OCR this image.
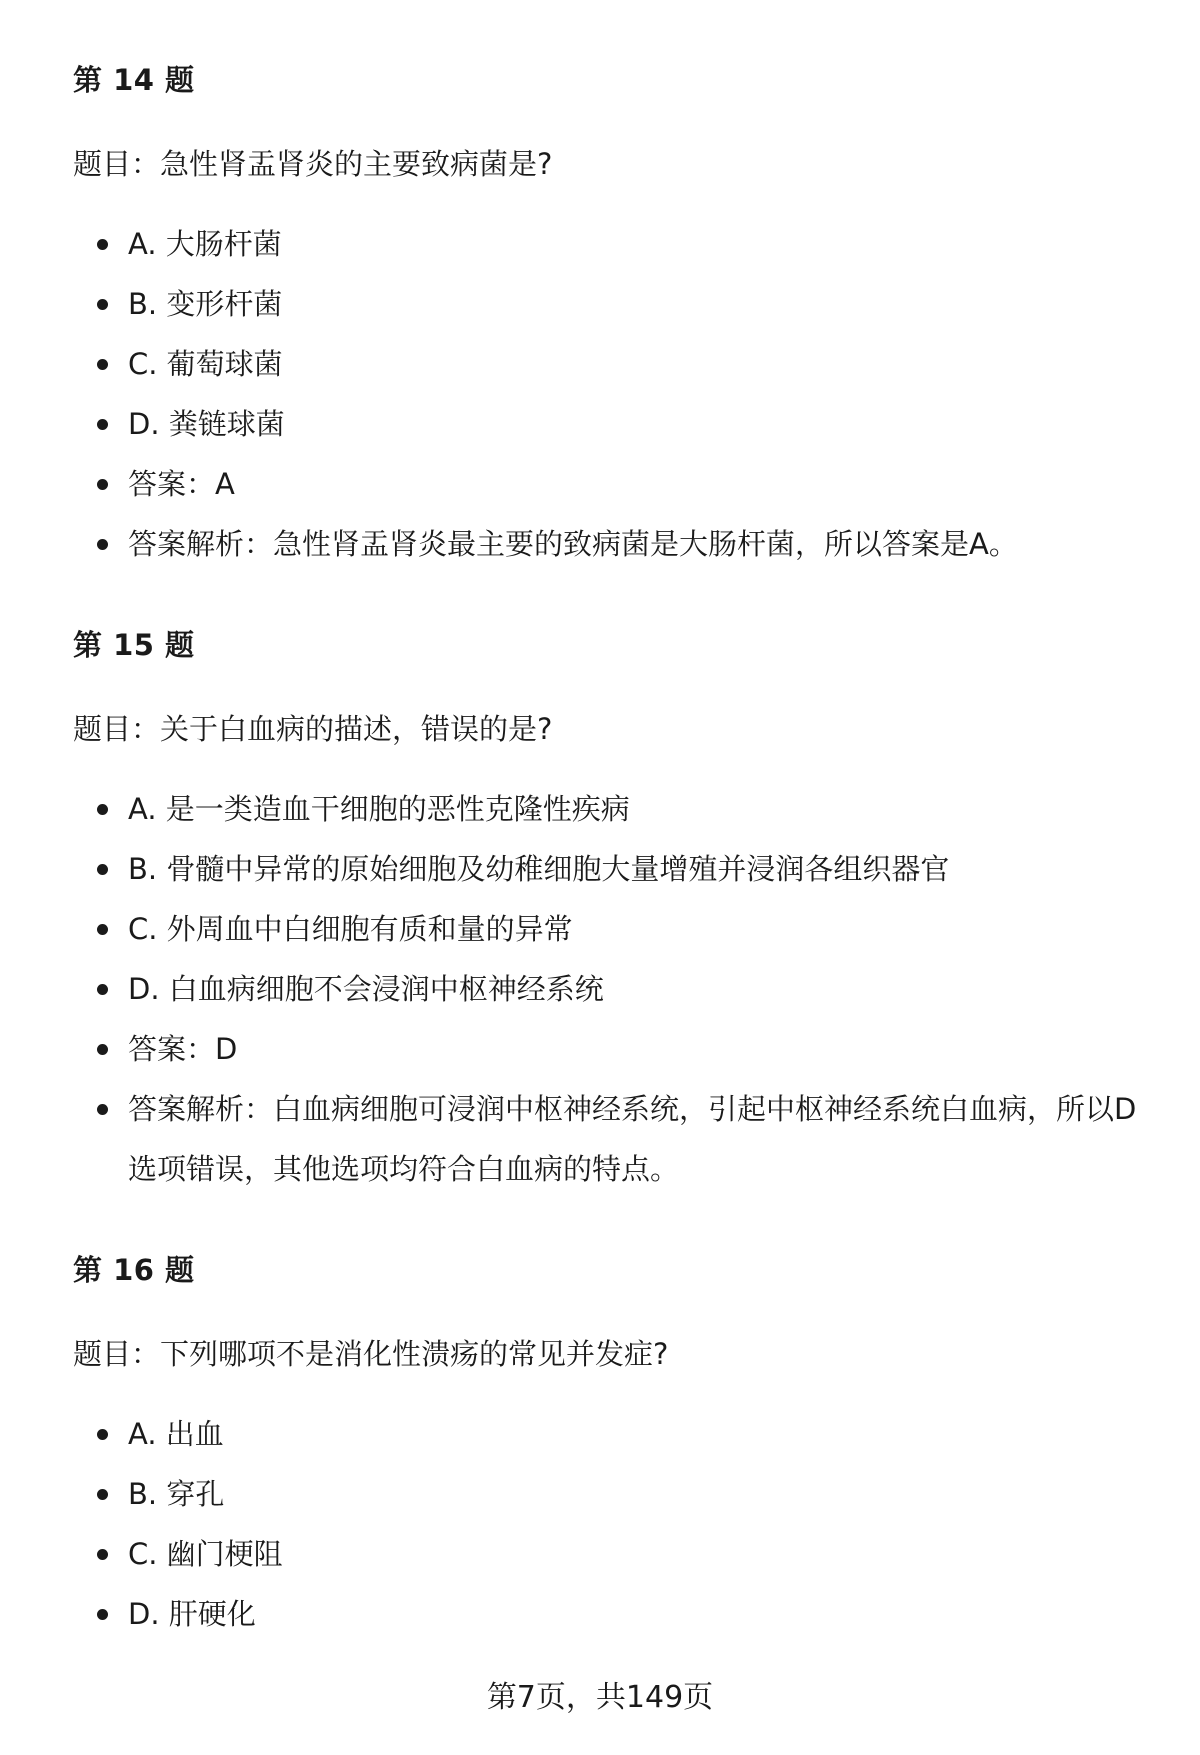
第 14 题

题目：急性肾盂肾炎的主要致病菌是?

A. 大肠杆菌
B. 变形杆菌
C. 葡萄球菌
D. 粪链球菌
答案：A
答案解析：急性肾盂肾炎最主要的致病菌是大肠杆菌，所以答案是A。
第 15 题

题目：关于白血病的描述，错误的是?

A. 是一类造血干细胞的恶性克隆性疾病
B. 骨髓中异常的原始细胞及幼稚细胞大量增殖并浸润各组织器官
C. 外周血中白细胞有质和量的异常
D. 白血病细胞不会浸润中枢神经系统
答案：D
答案解析：白血病细胞可浸润中枢神经系统，引起中枢神经系统白血病，所以D选项错误，其他选项均符合白血病的特点。
第 16 题

题目：下列哪项不是消化性溃疡的常见并发症?

A. 出血
B. 穿孔
C. 幽门梗阻
D. 肝硬化
第7页，共149页
